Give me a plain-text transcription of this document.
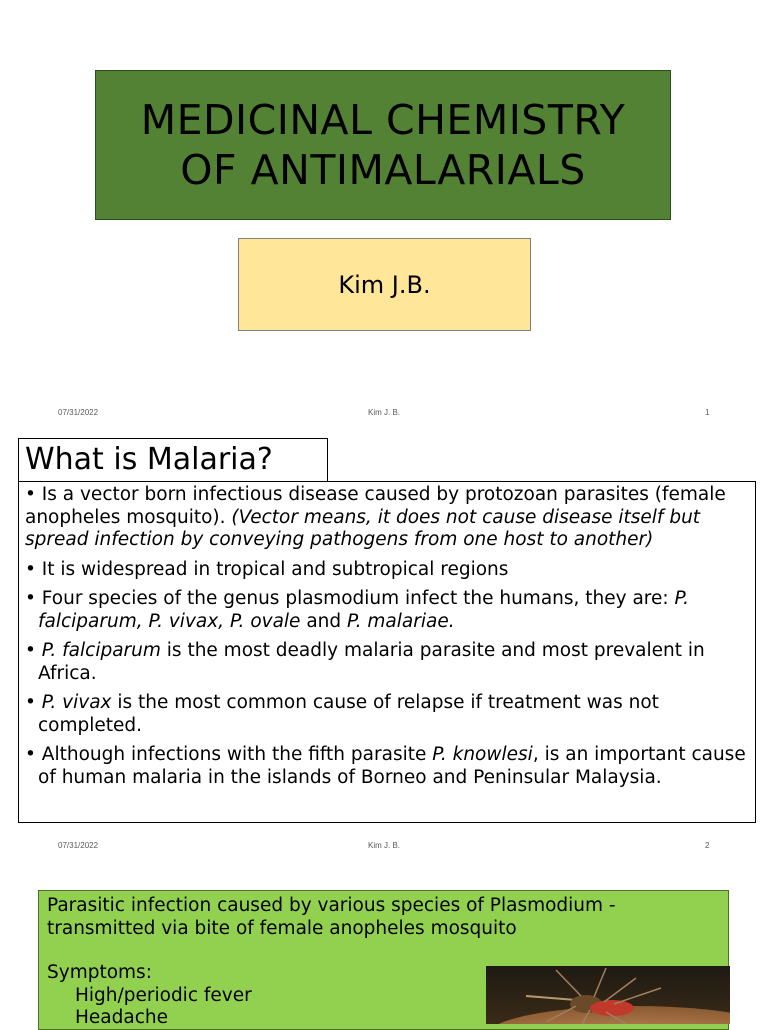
MEDICINAL CHEMISTRY
OF ANTIMALARIALS
Kim J.B.
07/31/2022	Kim J. B.	1
What is Malaria?
• Is a vector born infectious disease caused by protozoan parasites (female anopheles mosquito). (Vector means, it does not cause disease itself but spread infection by conveying pathogens from one host to another)
• It is widespread in tropical and subtropical regions
• Four species of the genus plasmodium infect the humans, they are: P. falciparum, P. vivax, P. ovale and P. malariae.
• P. falciparum is the most deadly malaria parasite and most prevalent in Africa.
• P. vivax is the most common cause of relapse if treatment was not completed.
• Although infections with the fifth parasite P. knowlesi, is an important cause of human malaria in the islands of Borneo and Peninsular Malaysia.
07/31/2022	Kim J. B.	2
Parasitic infection caused by various species of Plasmodium - transmitted via bite of female anopheles mosquito
Symptoms:
High/periodic fever
Headache
